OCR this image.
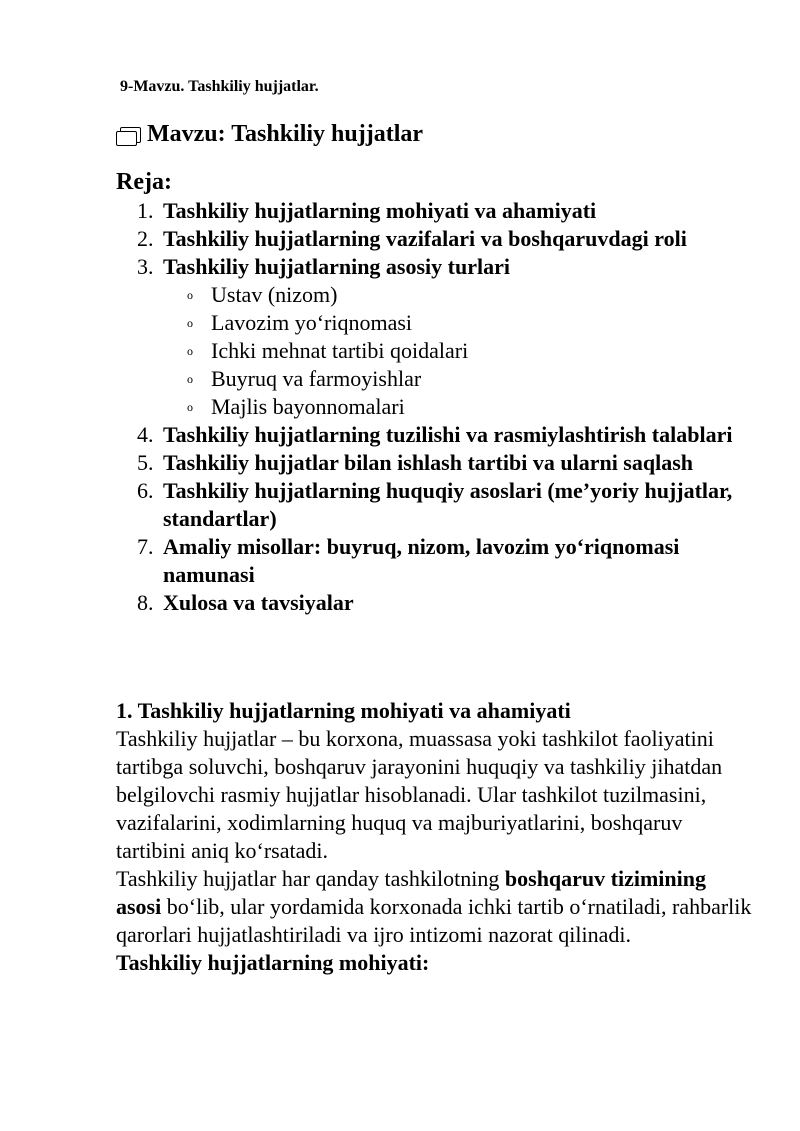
9-Mavzu. Tashkiliy hujjatlar.
Mavzu: Tashkiliy hujjatlar
Reja:
1. Tashkiliy hujjatlarning mohiyati va ahamiyati
2. Tashkiliy hujjatlarning vazifalari va boshqaruvdagi roli
3. Tashkiliy hujjatlarning asosiy turlari
o Ustav (nizom)
o Lavozim yo‘riqnomasi
o Ichki mehnat tartibi qoidalari
o Buyruq va farmoyishlar
o Majlis bayonnomalari
4. Tashkiliy hujjatlarning tuzilishi va rasmiylashtirish talablari
5. Tashkiliy hujjatlar bilan ishlash tartibi va ularni saqlash
6. Tashkiliy hujjatlarning huquqiy asoslari (me’yoriy hujjatlar, standartlar)
7. Amaliy misollar: buyruq, nizom, lavozim yo‘riqnomasi namunasi
8. Xulosa va tavsiyalar

1. Tashkiliy hujjatlarning mohiyati va ahamiyati

Tashkiliy hujjatlar – bu korxona, muassasa yoki tashkilot faoliyatini tartibga soluvchi, boshqaruv jarayonini huquqiy va tashkiliy jihatdan belgilovchi rasmiy hujjatlar hisoblanadi. Ular tashkilot tuzilmasini, vazifalarini, xodimlarning huquq va majburiyatlarini, boshqaruv tartibini aniq ko‘rsatadi.

Tashkiliy hujjatlar har qanday tashkilotning boshqaruv tizimining asosi bo‘lib, ular yordamida korxonada ichki tartib o‘rnatiladi, rahbarlik qarorlari hujjatlashtiriladi va ijro intizomi nazorat qilinadi.

Tashkiliy hujjatlarning mohiyati:
